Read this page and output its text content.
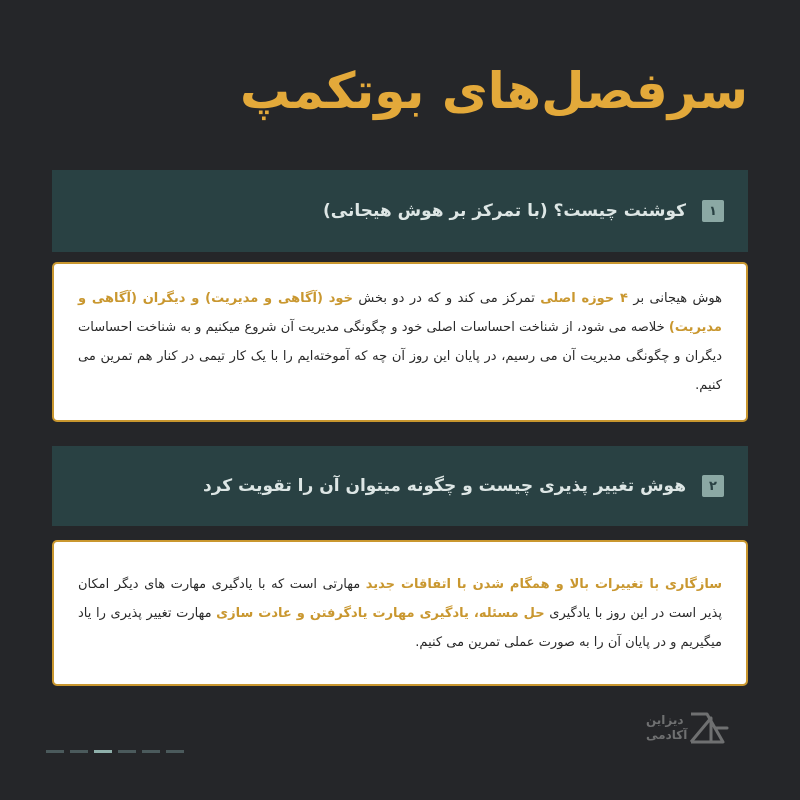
سرفصل‌های بوتکمپ
۱
کوشنت چیست؟ (با تمرکز بر هوش هیجانی)

هوش هیجانی بر ۴ حوزه اصلی تمرکز می کند و که در دو بخش خود (آگاهی و مدیریت) و دیگران (آگاهی و مدیریت) خلاصه می شود، از شناخت احساسات اصلی خود و چگونگی مدیریت آن شروع میکنیم و به شناخت احساسات دیگران و چگونگی مدیریت آن می رسیم، در پایان این روز آن چه که آموخته‌ایم را با یک کار تیمی در کنار هم تمرین می کنیم.

۲
هوش تغییر پذیری چیست و چگونه میتوان آن را تقویت کرد

سازگاری با تغییرات بالا و همگام شدن با اتفاقات جدید مهارتی است که با یادگیری مهارت های دیگر امکان پذیر است در این روز با یادگیری حل مسئله، یادگیری مهارت یادگرفتن و عادت سازی مهارت تغییر پذیری را یاد میگیریم و در پایان آن را به صورت عملی تمرین می کنیم.

دیزاین
آکادمی
